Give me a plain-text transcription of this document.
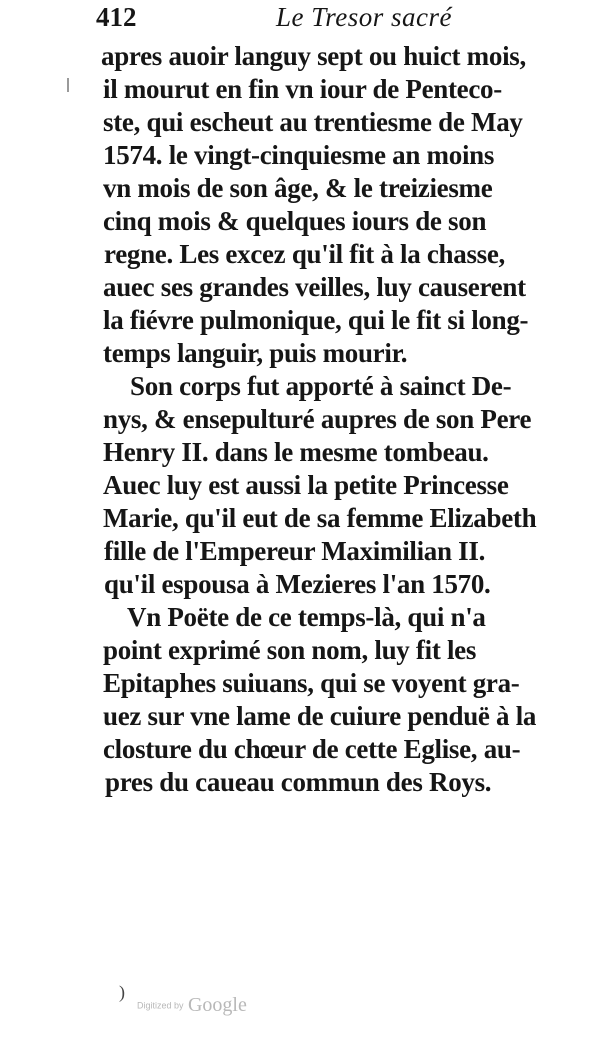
412	Le Tresor sacré
apres auoir languy sept ou huict mois,
il mourut en fin vn iour de Penteco-
ste, qui escheut au trentiesme de May
1574. le vingt-cinquiesme an moins
vn mois de son âge, & le treiziesme
cinq mois & quelques iours de son
regne. Les excez qu'il fit à la chasse,
auec ses grandes veilles, luy causerent
la fiévre pulmonique, qui le fit si long-
temps languir, puis mourir.
Son corps fut apporté à sainct De-
nys, & ensepulturé aupres de son Pere
Henry II. dans le mesme tombeau.
Auec luy est aussi la petite Princesse
Marie, qu'il eut de sa femme Elizabeth
fille de l'Empereur Maximilian II.
qu'il espousa à Mezieres l'an 1570.
Vn Poëte de ce temps-là, qui n'a
point exprimé son nom, luy fit les
Epitaphes suiuans, qui se voyent gra-
uez sur vne lame de cuiure penduë à la
closture du chœur de cette Eglise, au-
pres du caueau commun des Roys.
)
Digitized by Google
